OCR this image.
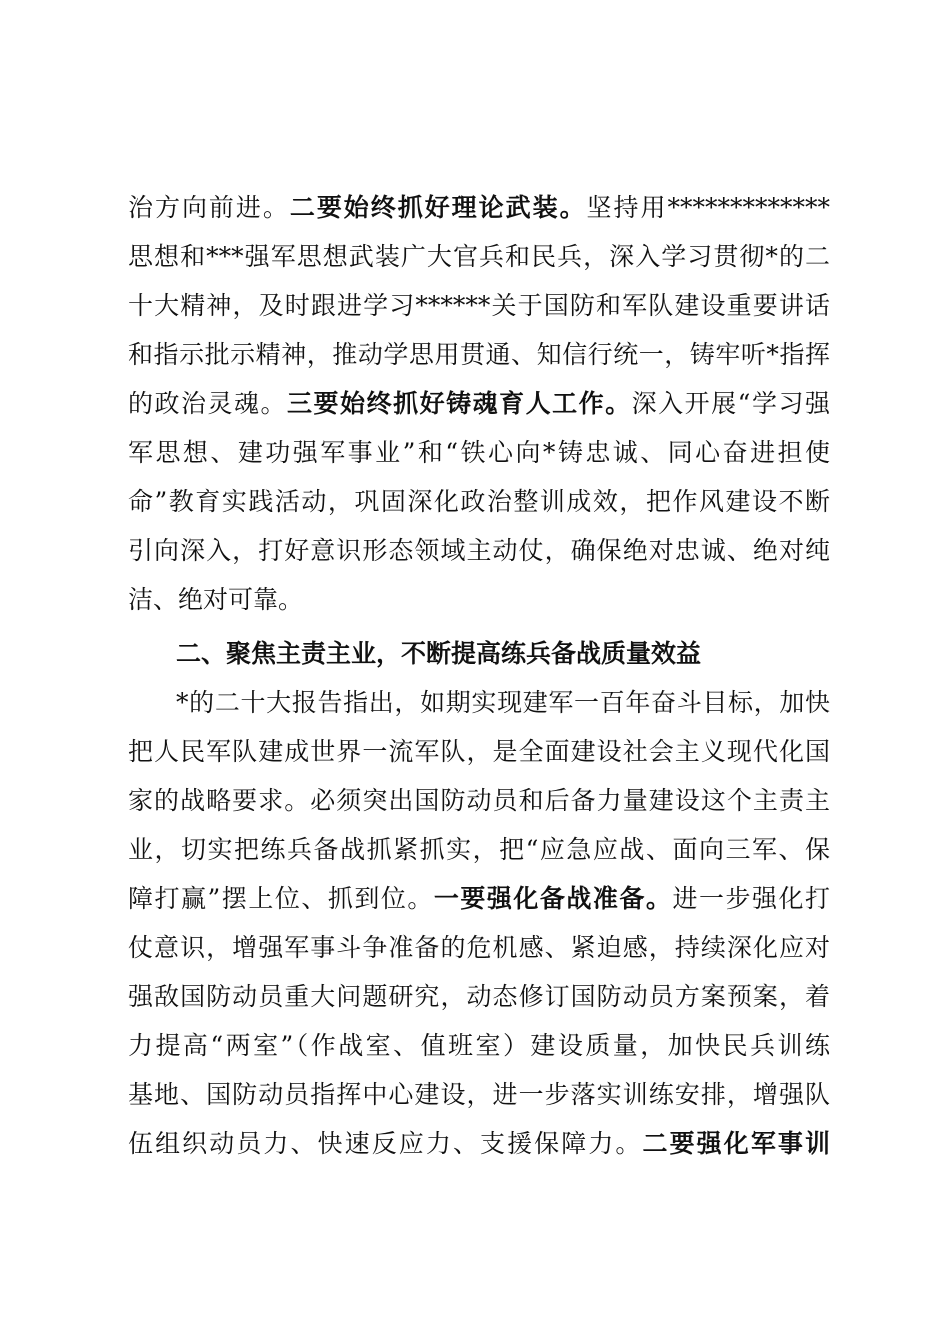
治方向前进。二要始终抓好理论武装。坚持用*************
思想和***强军思想武装广大官兵和民兵，深入学习贯彻*的二
十大精神，及时跟进学习******关于国防和军队建设重要讲话
和指示批示精神，推动学思用贯通、知信行统一，铸牢听*指挥
的政治灵魂。三要始终抓好铸魂育人工作。深入开展“学习强
军思想、建功强军事业”和“铁心向*铸忠诚、同心奋进担使
命”教育实践活动，巩固深化政治整训成效，把作风建设不断
引向深入，打好意识形态领域主动仗，确保绝对忠诚、绝对纯
洁、绝对可靠。
二、聚焦主责主业，不断提高练兵备战质量效益
*的二十大报告指出，如期实现建军一百年奋斗目标，加快
把人民军队建成世界一流军队，是全面建设社会主义现代化国
家的战略要求。必须突出国防动员和后备力量建设这个主责主
业，切实把练兵备战抓紧抓实，把“应急应战、面向三军、保
障打赢”摆上位、抓到位。一要强化备战准备。进一步强化打
仗意识，增强军事斗争准备的危机感、紧迫感，持续深化应对
强敌国防动员重大问题研究，动态修订国防动员方案预案，着
力提高“两室”（作战室、值班室）建设质量，加快民兵训练
基地、国防动员指挥中心建设，进一步落实训练安排，增强队
伍组织动员力、快速反应力、支援保障力。二要强化军事训
